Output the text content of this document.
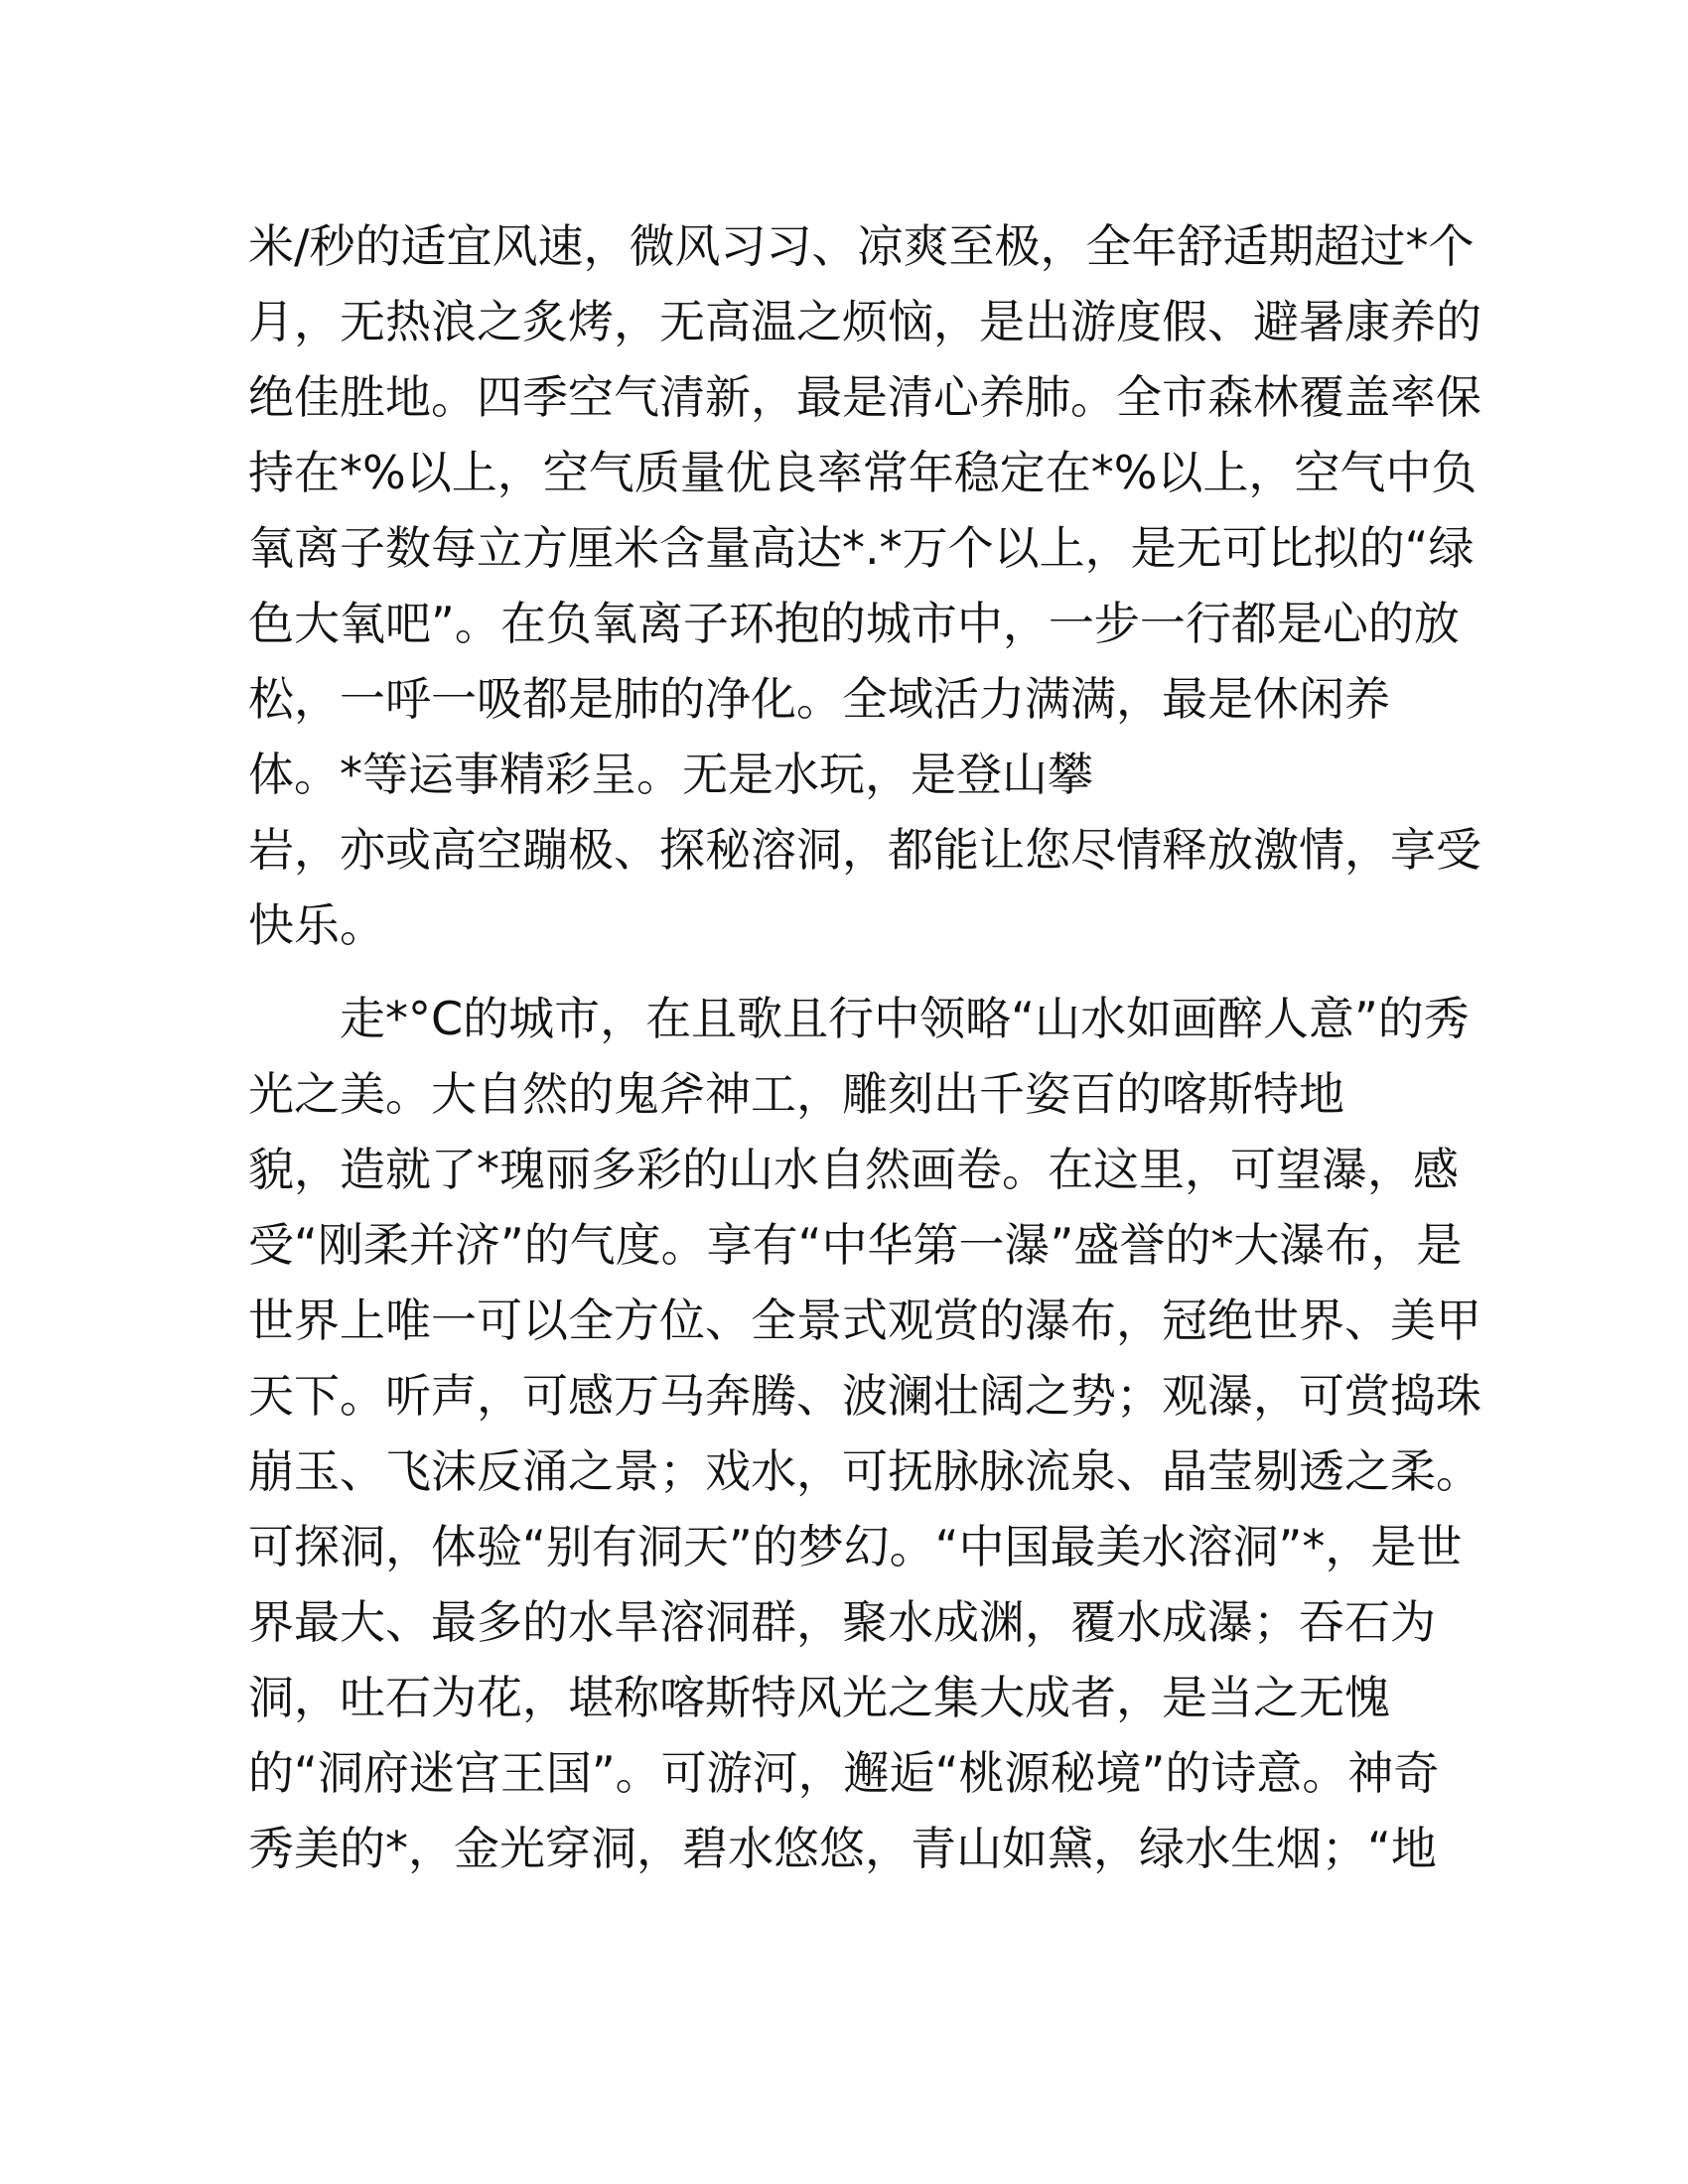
米/秒的适宜风速，微风习习、凉爽至极，全年舒适期超过*个
月，无热浪之炙烤，无高温之烦恼，是出游度假、避暑康养的
绝佳胜地。四季空气清新，最是清心养肺。全市森林覆盖率保
持在*%以上，空气质量优良率常年稳定在*%以上，空气中负
氧离子数每立方厘米含量高达*.*万个以上，是无可比拟的“绿
色大氧吧”。在负氧离子环抱的城市中，一步一行都是心的放
松，一呼一吸都是肺的净化。全域活力满满，最是休闲养
体。*等运事精彩呈。无是水玩，是登山攀
岩，亦或高空蹦极、探秘溶洞，都能让您尽情释放激情，享受
快乐。
　　走*°C的城市，在且歌且行中领略“山水如画醉人意”的秀
光之美。大自然的鬼斧神工，雕刻出千姿百的喀斯特地
貌，造就了*瑰丽多彩的山水自然画卷。在这里，可望瀑，感
受“刚柔并济”的气度。享有“中华第一瀑”盛誉的*大瀑布，是
世界上唯一可以全方位、全景式观赏的瀑布，冠绝世界、美甲
天下。听声，可感万马奔腾、波澜壮阔之势；观瀑，可赏捣珠
崩玉、飞沫反涌之景；戏水，可抚脉脉流泉、晶莹剔透之柔。
可探洞，体验“别有洞天”的梦幻。“中国最美水溶洞”*，是世
界最大、最多的水旱溶洞群，聚水成渊，覆水成瀑；吞石为
洞，吐石为花，堪称喀斯特风光之集大成者，是当之无愧
的“洞府迷宫王国”。可游河，邂逅“桃源秘境”的诗意。神奇
秀美的*，金光穿洞，碧水悠悠，青山如黛，绿水生烟；“地
